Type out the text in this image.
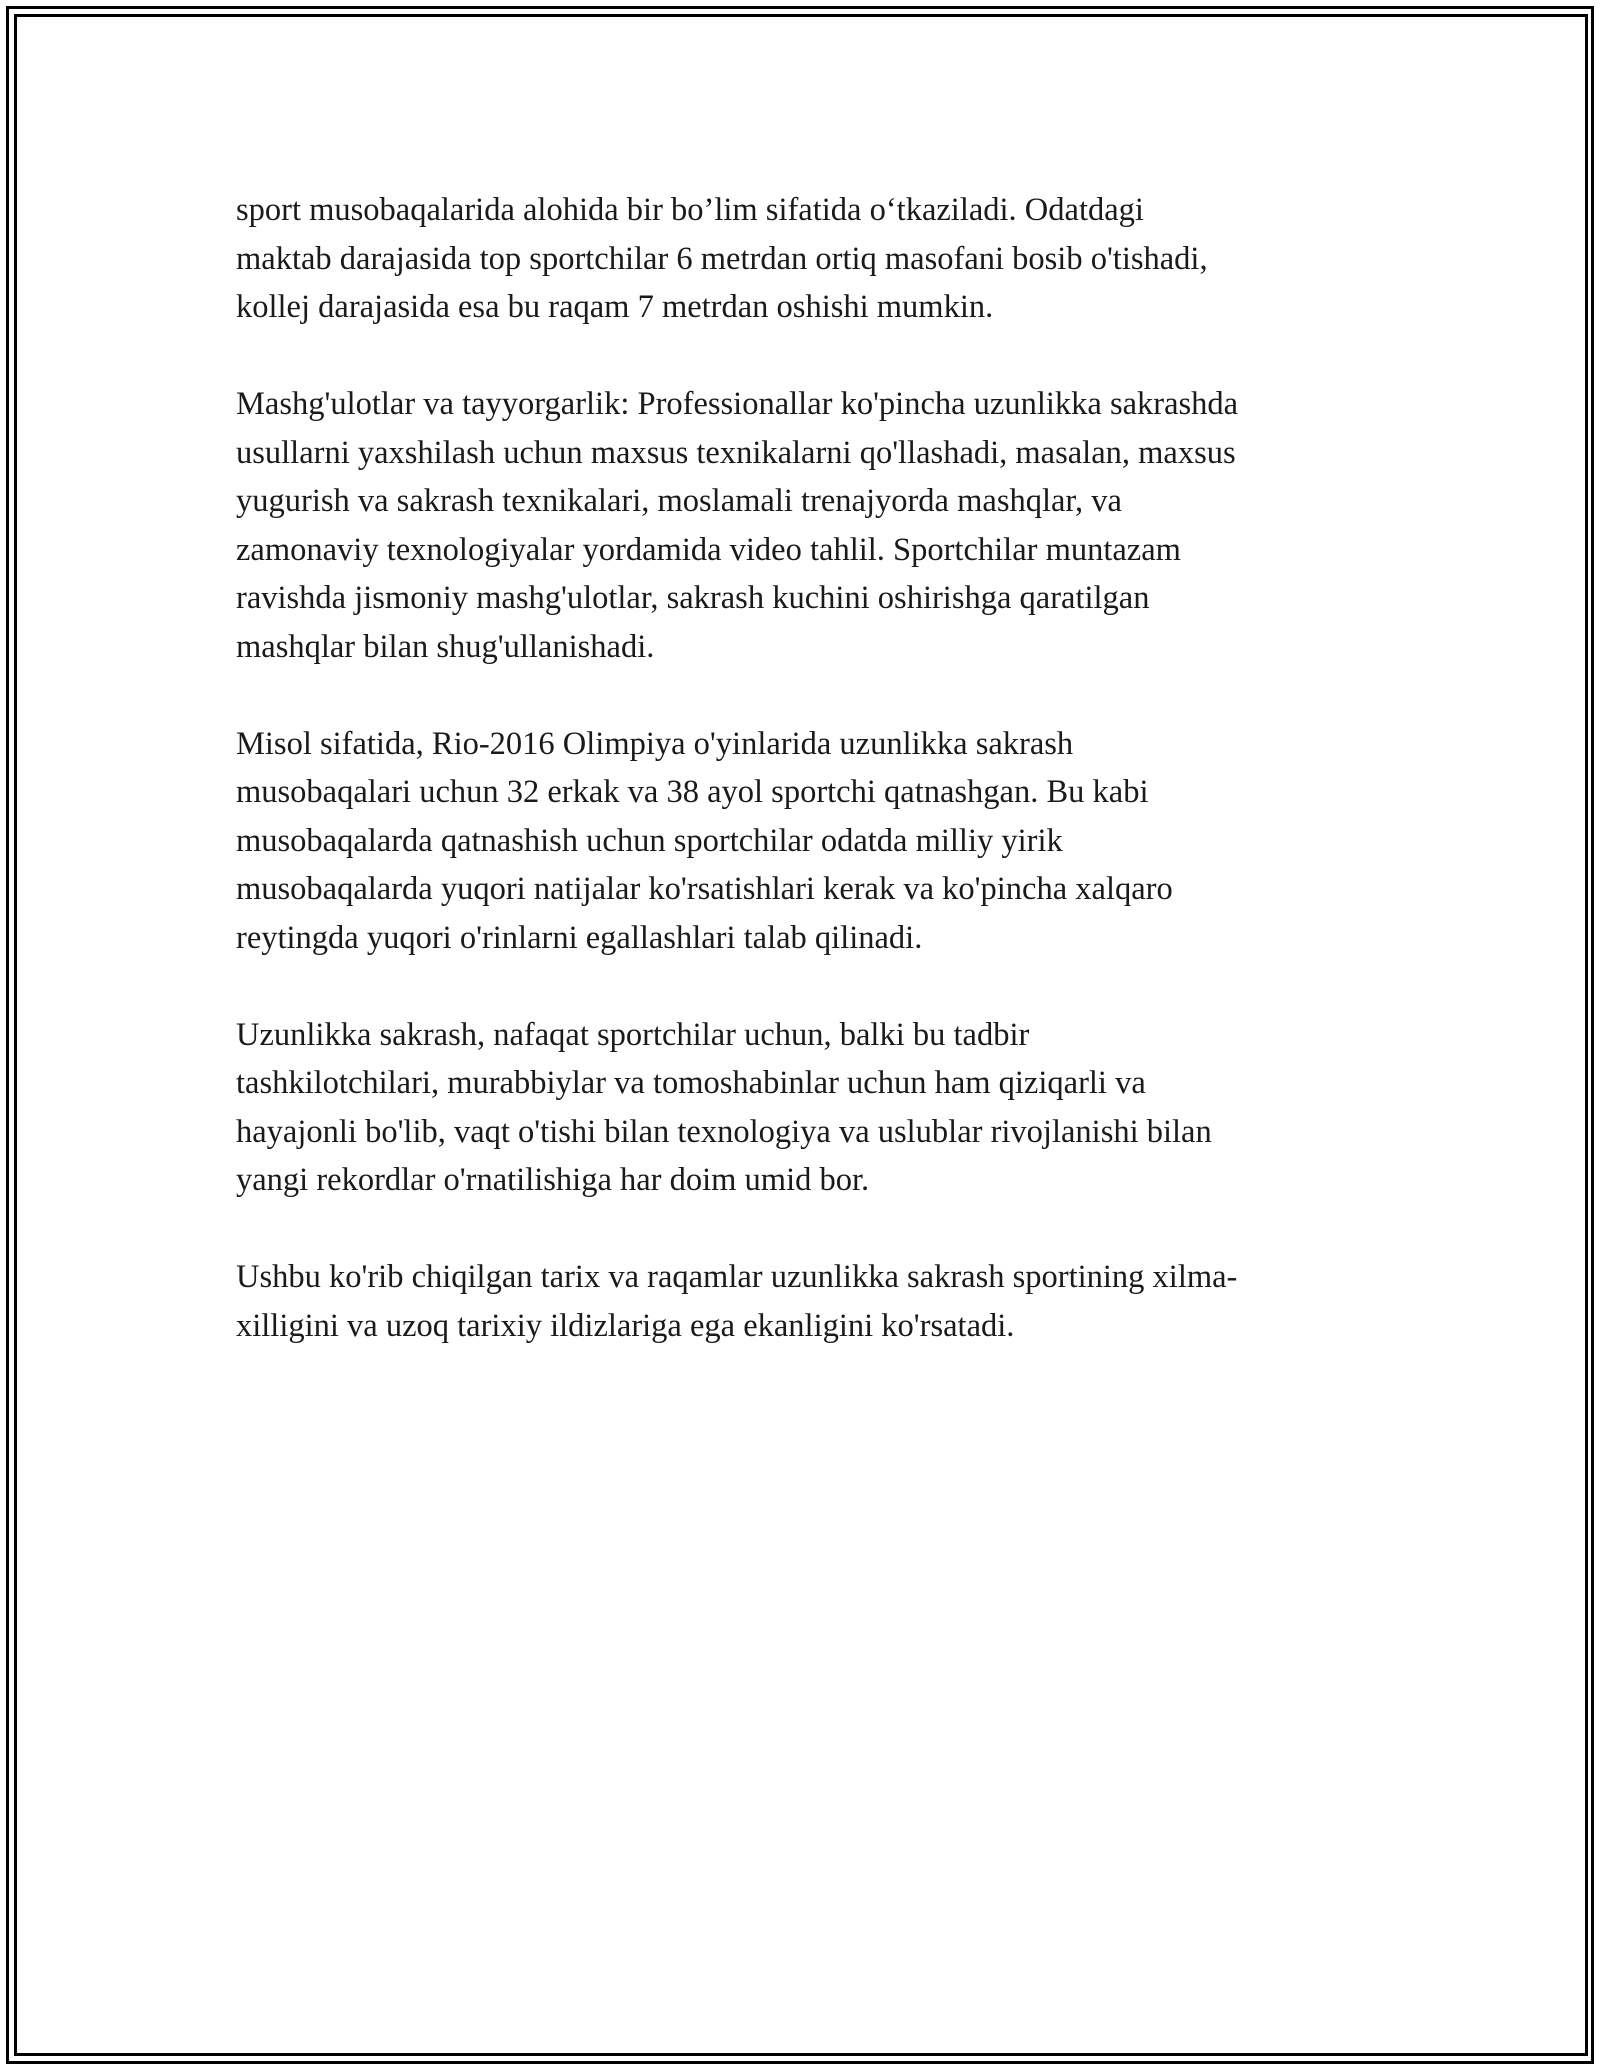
sport musobaqalarida alohida bir bo’lim sifatida o‘tkaziladi. Odatdagi
maktab darajasida top sportchilar 6 metrdan ortiq masofani bosib o'tishadi,
kollej darajasida esa bu raqam 7 metrdan oshishi mumkin.

Mashg'ulotlar va tayyorgarlik: Professionallar ko'pincha uzunlikka sakrashda
usullarni yaxshilash uchun maxsus texnikalarni qo'llashadi, masalan, maxsus
yugurish va sakrash texnikalari, moslamali trenajyorda mashqlar, va
zamonaviy texnologiyalar yordamida video tahlil. Sportchilar muntazam
ravishda jismoniy mashg'ulotlar, sakrash kuchini oshirishga qaratilgan
mashqlar bilan shug'ullanishadi.

Misol sifatida, Rio-2016 Olimpiya o'yinlarida uzunlikka sakrash
musobaqalari uchun 32 erkak va 38 ayol sportchi qatnashgan. Bu kabi
musobaqalarda qatnashish uchun sportchilar odatda milliy yirik
musobaqalarda yuqori natijalar ko'rsatishlari kerak va ko'pincha xalqaro
reytingda yuqori o'rinlarni egallashlari talab qilinadi.

Uzunlikka sakrash, nafaqat sportchilar uchun, balki bu tadbir
tashkilotchilari, murabbiylar va tomoshabinlar uchun ham qiziqarli va
hayajonli bo'lib, vaqt o'tishi bilan texnologiya va uslublar rivojlanishi bilan
yangi rekordlar o'rnatilishiga har doim umid bor.

Ushbu ko'rib chiqilgan tarix va raqamlar uzunlikka sakrash sportining xilma-
xilligini va uzoq tarixiy ildizlariga ega ekanligini ko'rsatadi.
